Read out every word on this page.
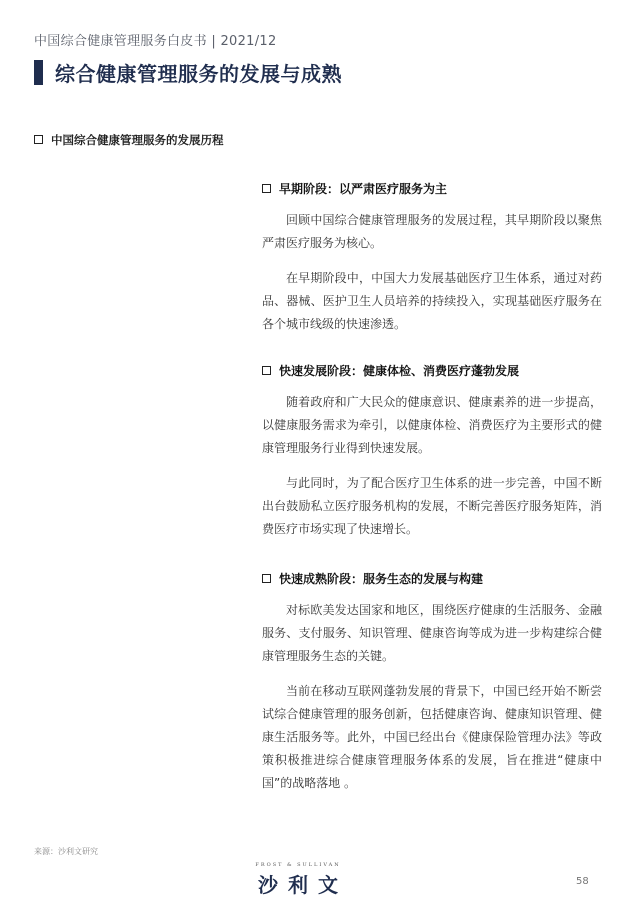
中国综合健康管理服务白皮书 | 2021/12
综合健康管理服务的发展与成熟
中国综合健康管理服务的发展历程
早期阶段：以严肃医疗服务为主

回顾中国综合健康管理服务的发展过程，其早期阶段以聚焦严肃医疗服务为核心。

在早期阶段中，中国大力发展基础医疗卫生体系，通过对药品、器械、医护卫生人员培养的持续投入，实现基础医疗服务在各个城市线级的快速渗透。

快速发展阶段：健康体检、消费医疗蓬勃发展

随着政府和广大民众的健康意识、健康素养的进一步提高，以健康服务需求为牵引，以健康体检、消费医疗为主要形式的健康管理服务行业得到快速发展。

与此同时，为了配合医疗卫生体系的进一步完善，中国不断出台鼓励私立医疗服务机构的发展，不断完善医疗服务矩阵，消费医疗市场实现了快速增长。

快速成熟阶段：服务生态的发展与构建

对标欧美发达国家和地区，围绕医疗健康的生活服务、金融服务、支付服务、知识管理、健康咨询等成为进一步构建综合健康管理服务生态的关键。

当前在移动互联网蓬勃发展的背景下，中国已经开始不断尝试综合健康管理的服务创新，包括健康咨询、健康知识管理、健康生活服务等。此外，中国已经出台《健康保险管理办法》等政策积极推进综合健康管理服务体系的发展，旨在推进“健康中国”的战略落地 。

来源：沙利文研究
FROST & SULLIVAN
沙利文	58
